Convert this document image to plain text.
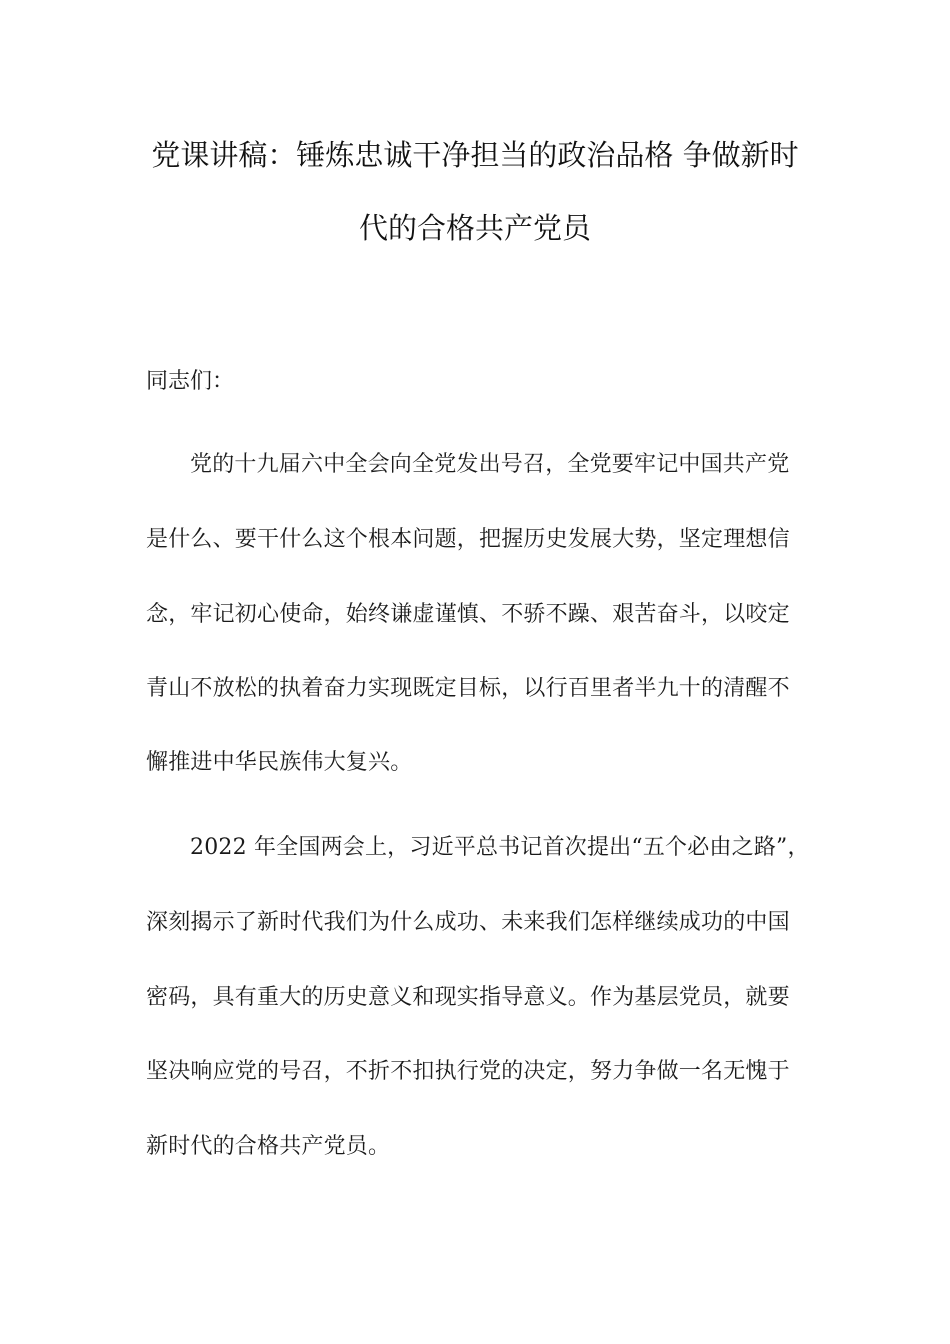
党课讲稿：锤炼忠诚干净担当的政治品格 争做新时
代的合格共产党员
同志们：
党的十九届六中全会向全党发出号召，全党要牢记中国共产党
是什么、要干什么这个根本问题，把握历史发展大势，坚定理想信
念，牢记初心使命，始终谦虚谨慎、不骄不躁、艰苦奋斗，以咬定
青山不放松的执着奋力实现既定目标，以行百里者半九十的清醒不
懈推进中华民族伟大复兴。
2022 年全国两会上，习近平总书记首次提出“五个必由之路”，
深刻揭示了新时代我们为什么成功、未来我们怎样继续成功的中国
密码，具有重大的历史意义和现实指导意义。作为基层党员，就要
坚决响应党的号召，不折不扣执行党的决定，努力争做一名无愧于
新时代的合格共产党员。
